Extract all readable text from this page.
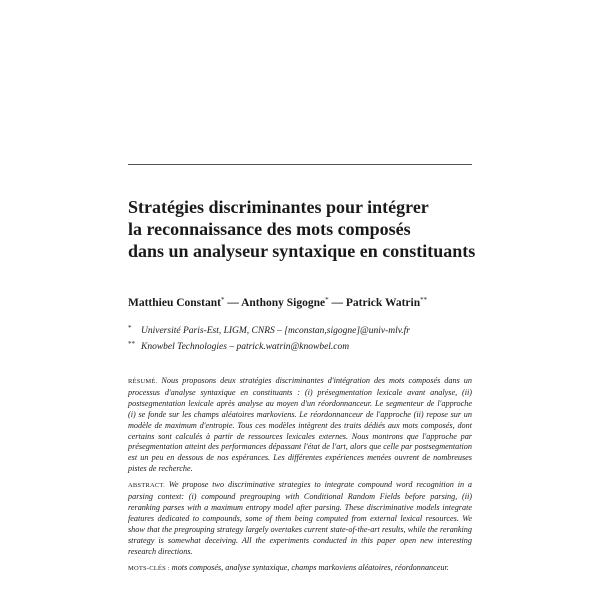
Stratégies discriminantes pour intégrer
la reconnaissance des mots composés
dans un analyseur syntaxique en constituants
Matthieu Constant* — Anthony Sigogne* — Patrick Watrin**
* Université Paris-Est, LIGM, CNRS – [mconstan,sigogne]@univ-mlv.fr
** Knowbel Technologies – patrick.watrin@knowbel.com

RÉSUMÉ. Nous proposons deux stratégies discriminantes d'intégration des mots composés dans un processus d'analyse syntaxique en constituants : (i) présegmentation lexicale avant analyse, (ii) postsegmentation lexicale après analyse au moyen d'un réordonnanceur. Le segmenteur de l'approche (i) se fonde sur les champs aléatoires markoviens. Le réordonnanceur de l'approche (ii) repose sur un modèle de maximum d'entropie. Tous ces modèles intègrent des traits dédiés aux mots composés, dont certains sont calculés à partir de ressources lexicales externes. Nous montrons que l'approche par présegmentation atteint des performances dépassant l'état de l'art, alors que celle par postsegmentation est un peu en dessous de nos espérances. Les différentes expériences menées ouvrent de nombreuses pistes de recherche.

ABSTRACT. We propose two discriminative strategies to integrate compound word recognition in a parsing context: (i) compound pregrouping with Conditional Random Fields before parsing, (ii) reranking parses with a maximum entropy model after parsing. These discriminative models integrate features dedicated to compounds, some of them being computed from external lexical resources. We show that the pregrouping strategy largely overtakes current state-of-the-art results, while the reranking strategy is somewhat deceiving. All the experiments conducted in this paper open new interesting research directions.

MOTS-CLÉS : mots composés, analyse syntaxique, champs markoviens aléatoires, réordonnanceur.
